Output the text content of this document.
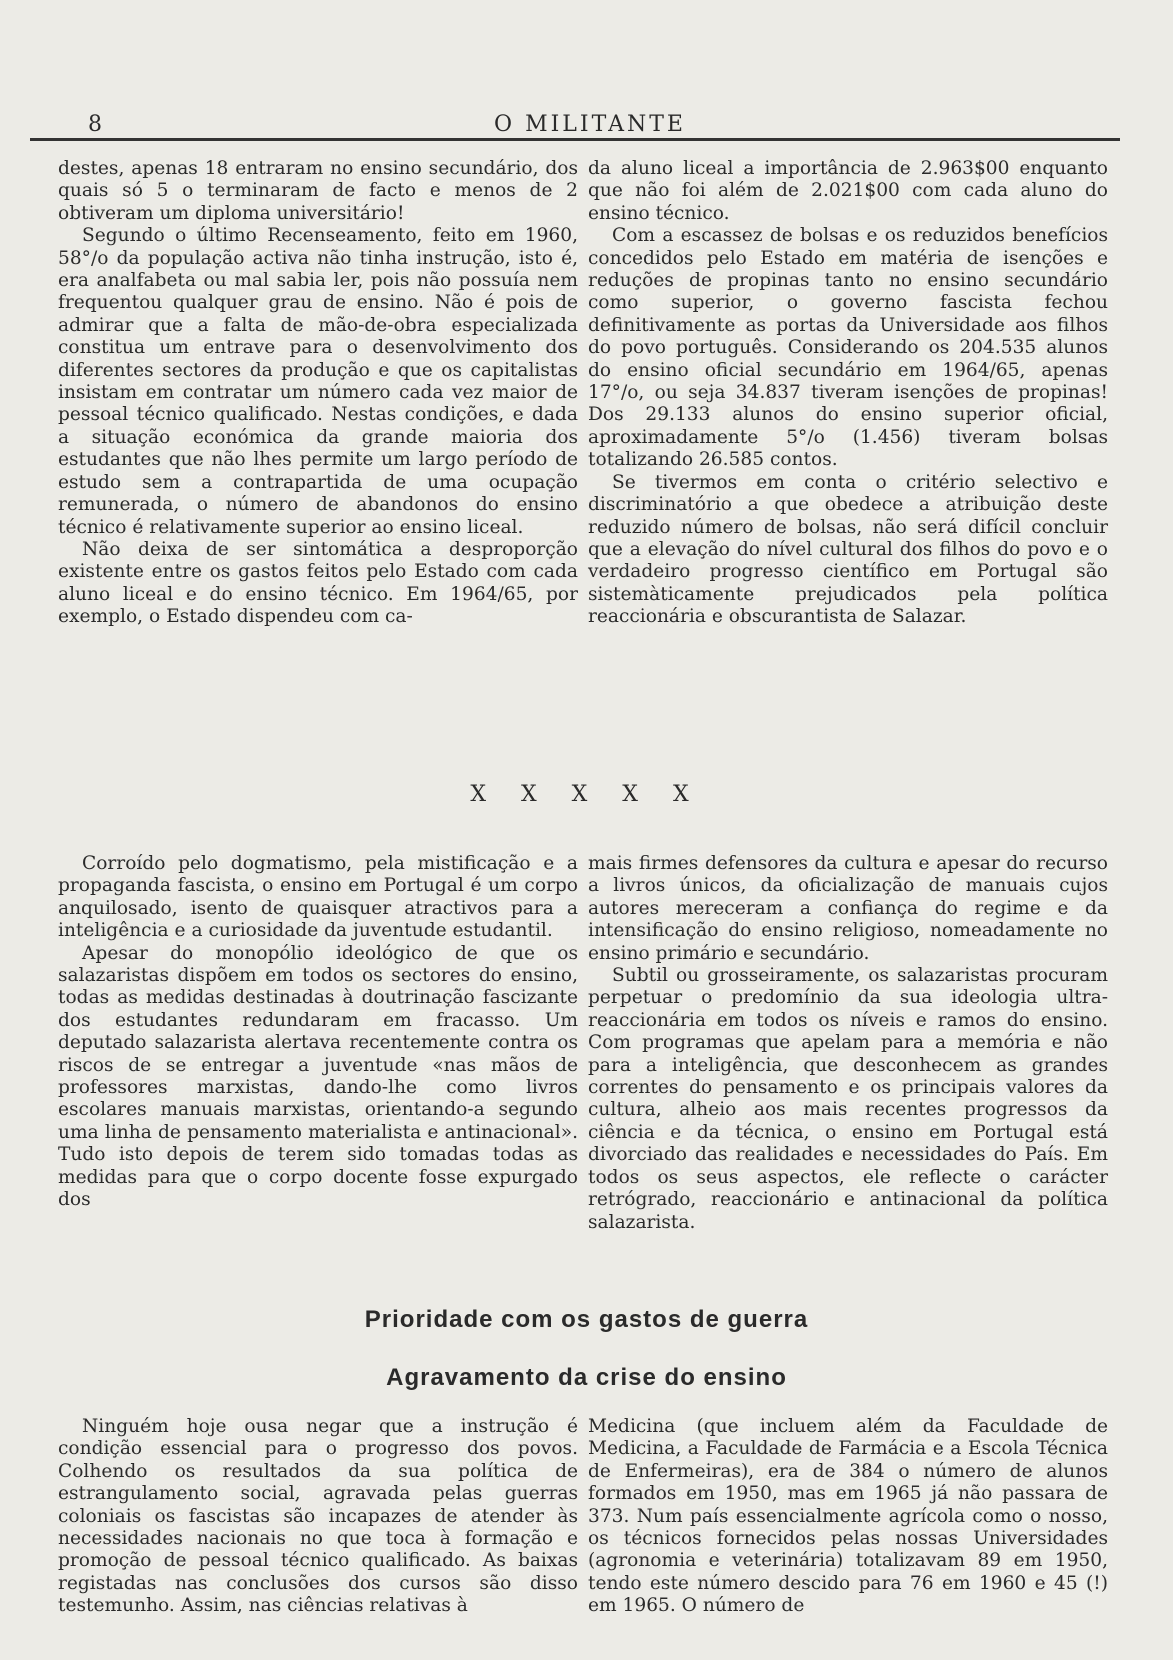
8	O MILITANTE

destes, apenas 18 entraram no ensino secundário, dos quais só 5 o terminaram de facto e menos de 2 obtiveram um diploma universitário!

Segundo o último Recenseamento, feito em 1960, 58°/o da população activa não tinha instrução, isto é, era analfabeta ou mal sabia ler, pois não possuía nem frequentou qualquer grau de ensino. Não é pois de admirar que a falta de mão-de-obra especializada constitua um entrave para o desenvolvimento dos diferentes sectores da produção e que os capitalistas insistam em contratar um número cada vez maior de pessoal técnico qualificado. Nestas condições, e dada a situação económica da grande maioria dos estudantes que não lhes permite um largo período de estudo sem a contrapartida de uma ocupação remunerada, o número de abandonos do ensino técnico é relativamente superior ao ensino liceal.

Não deixa de ser sintomática a desproporção existente entre os gastos feitos pelo Estado com cada aluno liceal e do ensino técnico. Em 1964/65, por exemplo, o Estado dispendeu com ca-

da aluno liceal a importância de 2.963$00 enquanto que não foi além de 2.021$00 com cada aluno do ensino técnico.

Com a escassez de bolsas e os reduzidos benefícios concedidos pelo Estado em matéria de isenções e reduções de propinas tanto no ensino secundário como superior, o governo fascista fechou definitivamente as portas da Universidade aos filhos do povo português. Considerando os 204.535 alunos do ensino oficial secundário em 1964/65, apenas 17°/o, ou seja 34.837 tiveram isenções de propinas! Dos 29.133 alunos do ensino superior oficial, aproximadamente 5°/o (1.456) tiveram bolsas totalizando 26.585 contos.

Se tivermos em conta o critério selectivo e discriminatório a que obedece a atribuição deste reduzido número de bolsas, não será difícil concluir que a elevação do nível cultural dos filhos do povo e o verdadeiro progresso científico em Portugal são sistemàticamente prejudicados pela política reaccionária e obscurantista de Salazar.

X X X X X

Corroído pelo dogmatismo, pela mistificação e a propaganda fascista, o ensino em Portugal é um corpo anquilosado, isento de quaisquer atractivos para a inteligência e a curiosidade da juventude estudantil.

Apesar do monopólio ideológico de que os salazaristas dispõem em todos os sectores do ensino, todas as medidas destinadas à doutrinação fascizante dos estudantes redundaram em fracasso. Um deputado salazarista alertava recentemente contra os riscos de se entregar a juventude «nas mãos de professores marxistas, dando-lhe como livros escolares manuais marxistas, orientando-a segundo uma linha de pensamento materialista e antinacional». Tudo isto depois de terem sido tomadas todas as medidas para que o corpo docente fosse expurgado dos

mais firmes defensores da cultura e apesar do recurso a livros únicos, da oficialização de manuais cujos autores mereceram a confiança do regime e da intensificação do ensino religioso, nomeadamente no ensino primário e secundário.

Subtil ou grosseiramente, os salazaristas procuram perpetuar o predomínio da sua ideologia ultra-reaccionária em todos os níveis e ramos do ensino. Com programas que apelam para a memória e não para a inteligência, que desconhecem as grandes correntes do pensamento e os principais valores da cultura, alheio aos mais recentes progressos da ciência e da técnica, o ensino em Portugal está divorciado das realidades e necessidades do País. Em todos os seus aspectos, ele reflecte o carácter retrógrado, reaccionário e antinacional da política salazarista.

Prioridade com os gastos de guerra
Agravamento da crise do ensino

Ninguém hoje ousa negar que a instrução é condição essencial para o progresso dos povos. Colhendo os resultados da sua política de estrangulamento social, agravada pelas guerras coloniais os fascistas são incapazes de atender às necessidades nacionais no que toca à formação e promoção de pessoal técnico qualificado. As baixas registadas nas conclusões dos cursos são disso testemunho. Assim, nas ciências relativas à

Medicina (que incluem além da Faculdade de Medicina, a Faculdade de Farmácia e a Escola Técnica de Enfermeiras), era de 384 o número de alunos formados em 1950, mas em 1965 já não passara de 373. Num país essencialmente agrícola como o nosso, os técnicos fornecidos pelas nossas Universidades (agronomia e veterinária) totalizavam 89 em 1950, tendo este número descido para 76 em 1960 e 45 (!) em 1965. O número de
